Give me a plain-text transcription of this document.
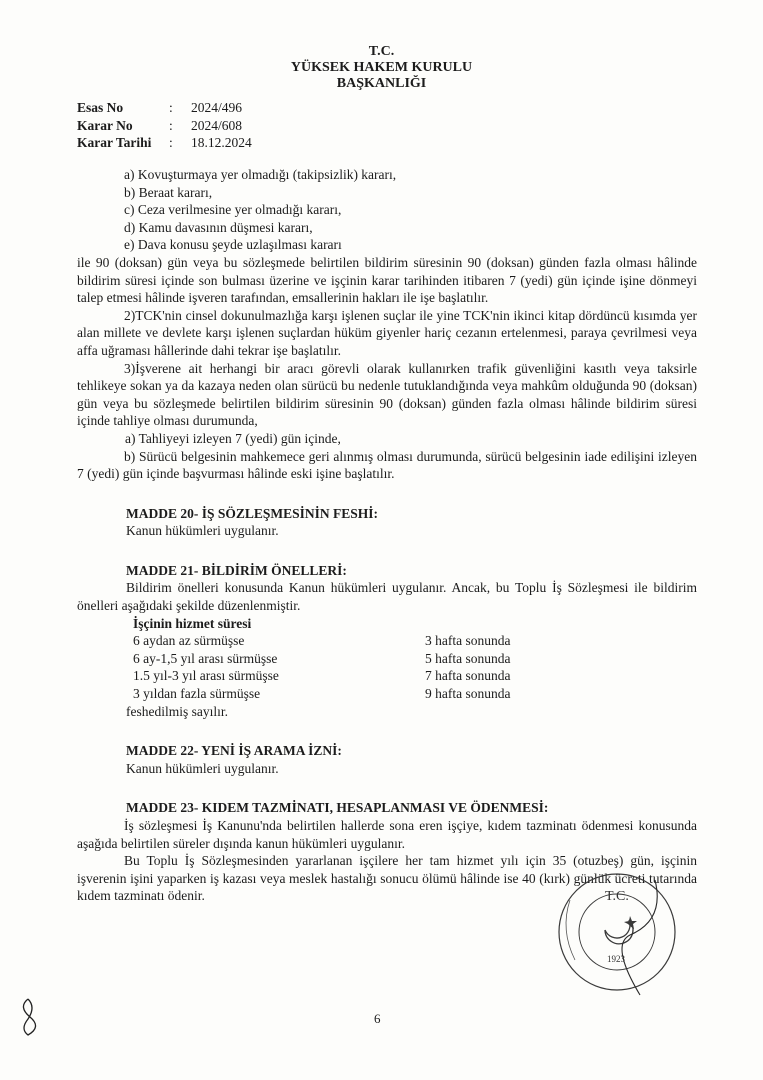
T.C.
YÜKSEK HAKEM KURULU
BAŞKANLIĞI
Esas No	:	2024/496
Karar No	:	2024/608
Karar Tarihi	:	18.12.2024

a) Kovuşturmaya yer olmadığı (takipsizlik) kararı,

b) Beraat kararı,

c) Ceza verilmesine yer olmadığı kararı,

d) Kamu davasının düşmesi kararı,

e) Dava konusu şeyde uzlaşılması kararı

ile 90 (doksan) gün veya bu sözleşmede belirtilen bildirim süresinin 90 (doksan) günden fazla olması hâlinde bildirim süresi içinde son bulması üzerine ve işçinin karar tarihinden itibaren 7 (yedi) gün içinde işine dönmeyi talep etmesi hâlinde işveren tarafından, emsallerinin hakları ile işe başlatılır.

2)TCK'nin cinsel dokunulmazlığa karşı işlenen suçlar ile yine TCK'nin ikinci kitap dördüncü kısımda yer alan millete ve devlete karşı işlenen suçlardan hüküm giyenler hariç cezanın ertelenmesi, paraya çevrilmesi veya affa uğraması hâllerinde dahi tekrar işe başlatılır.

3)İşverene ait herhangi bir aracı görevli olarak kullanırken trafik güvenliğini kasıtlı veya taksirle tehlikeye sokan ya da kazaya neden olan sürücü bu nedenle tutuklandığında veya mahkûm olduğunda 90 (doksan) gün veya bu sözleşmede belirtilen bildirim süresinin 90 (doksan) günden fazla olması hâlinde bildirim süresi içinde tahliye olması durumunda,

a) Tahliyeyi izleyen 7 (yedi) gün içinde,

b) Sürücü belgesinin mahkemece geri alınmış olması durumunda, sürücü belgesinin iade edilişini izleyen 7 (yedi) gün içinde başvurması hâlinde eski işine başlatılır.

MADDE 20- İŞ SÖZLEŞMESİNİN FESHİ:

Kanun hükümleri uygulanır.

MADDE 21- BİLDİRİM ÖNELLERİ:

Bildirim önelleri konusunda Kanun hükümleri uygulanır. Ancak, bu Toplu İş Sözleşmesi ile bildirim önelleri aşağıdaki şekilde düzenlenmiştir.

İşçinin hizmet süresi

6 aydan az sürmüşse	3 hafta sonunda
6 ay-1,5 yıl arası sürmüşse	5 hafta sonunda
1.5 yıl-3 yıl arası sürmüşse	7 hafta sonunda
3 yıldan fazla sürmüşse	9 hafta sonunda

feshedilmiş sayılır.

MADDE 22- YENİ İŞ ARAMA İZNİ:

Kanun hükümleri uygulanır.

MADDE 23- KIDEM TAZMİNATI, HESAPLANMASI VE ÖDENMESİ:

İş sözleşmesi İş Kanunu'nda belirtilen hallerde sona eren işçiye, kıdem tazminatı ödenmesi konusunda aşağıda belirtilen süreler dışında kanun hükümleri uygulanır.

Bu Toplu İş Sözleşmesinden yararlanan işçilere her tam hizmet yılı için 35 (otuzbeş) gün, işçinin işverenin işini yaparken iş kazası veya meslek hastalığı sonucu ölümü hâlinde ise 40 (kırk) günlük ücreti tutarında kıdem tazminatı ödenir.	T.C.
1923
6
